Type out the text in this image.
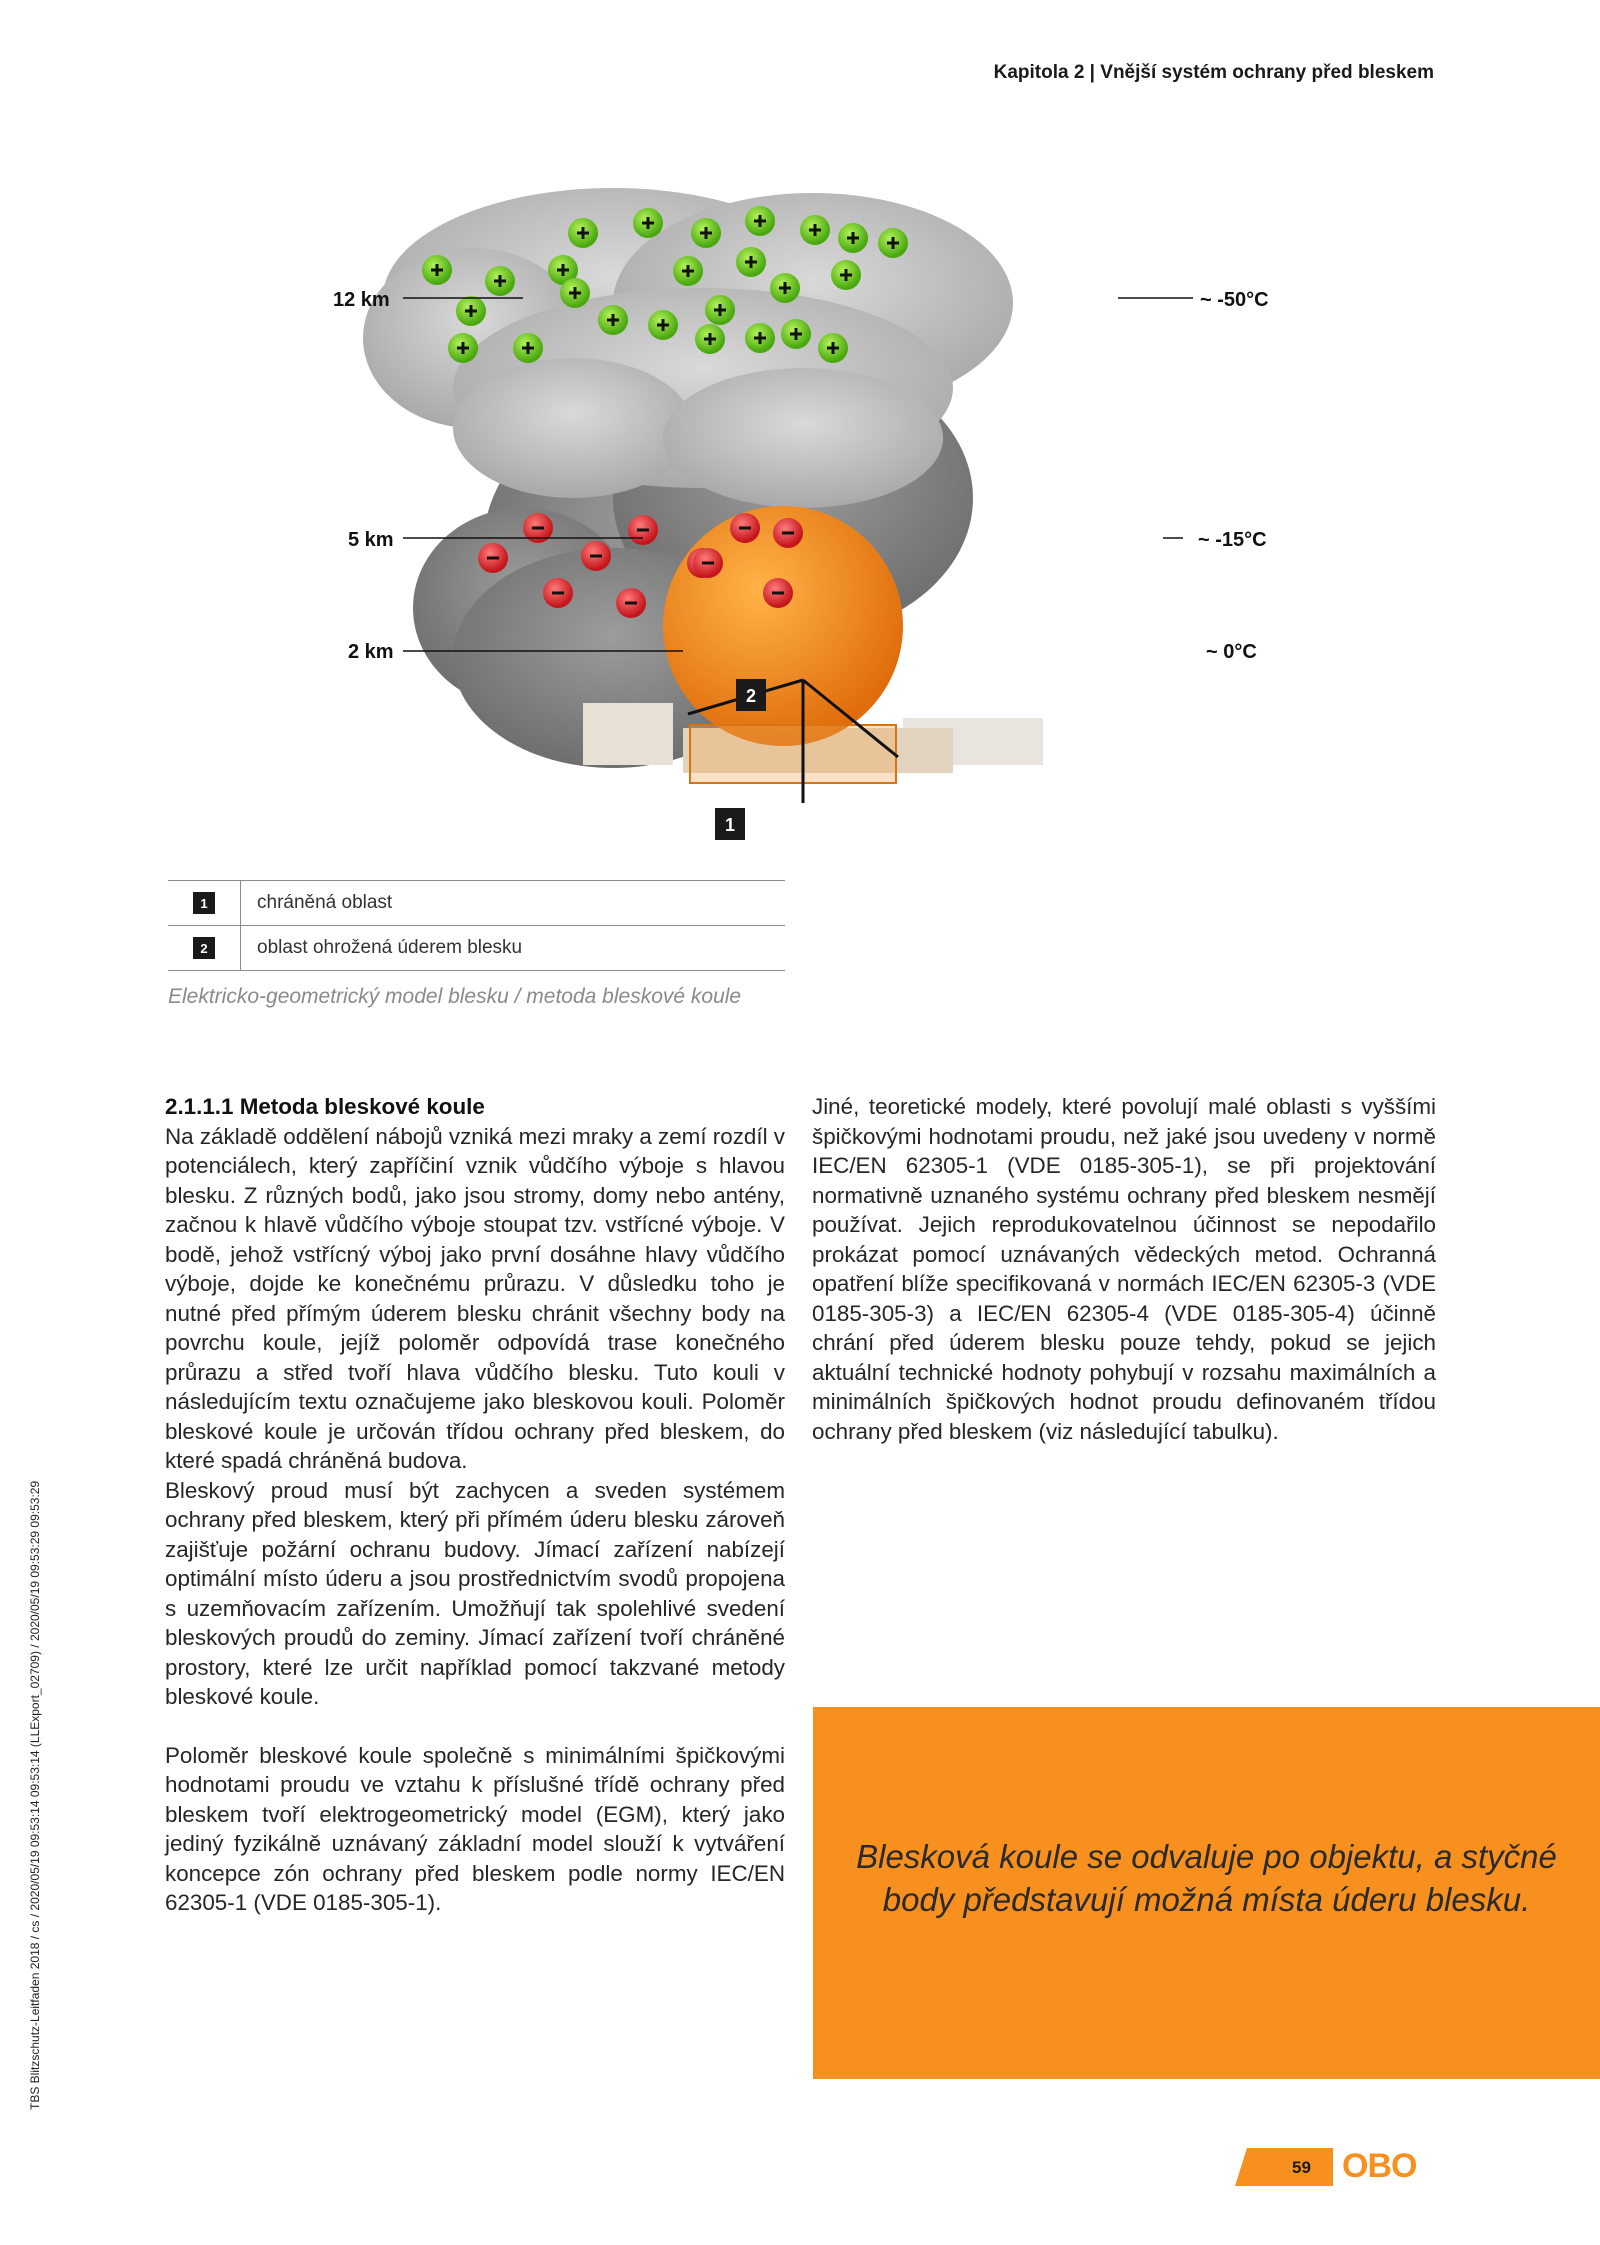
Kapitola 2 | Vnější systém ochrany před bleskem
TBS Blitzschutz-Leitfaden 2018 / cs / 2020/05/19 09:53:14 09:53:14 (LLExport_02709) / 2020/05/19 09:53:29 09:53:29
12 km
5 km
2 km
~ -50°C
~ -15°C
~ 0°C
2
1
1	chráněná oblast
2	oblast ohrožená úderem blesku
Elektricko-geometrický model blesku / metoda bleskové koule
2.1.1.1 Metoda bleskové koule

Na základě oddělení nábojů vzniká mezi mraky a zemí rozdíl v potenciálech, který zapříčiní vznik vůdčího výboje s hlavou blesku. Z různých bodů, jako jsou stromy, domy nebo antény, začnou k hlavě vůdčího výboje stoupat tzv. vstřícné výboje. V bodě, jehož vstřícný výboj jako první dosáhne hlavy vůdčího výboje, dojde ke konečnému průrazu. V důsledku toho je nutné před přímým úderem blesku chránit všechny body na povrchu koule, jejíž poloměr odpovídá trase konečného průrazu a střed tvoří hlava vůdčího blesku. Tuto kouli v následujícím textu označujeme jako bleskovou kouli. Poloměr bleskové koule je určován třídou ochrany před bleskem, do které spadá chráněná budova.

Bleskový proud musí být zachycen a sveden systémem ochrany před bleskem, který při přímém úderu blesku zároveň zajišťuje požární ochranu budovy. Jímací zařízení nabízejí optimální místo úderu a jsou prostřednictvím svodů propojena s uzemňovacím zařízením. Umožňují tak spolehlivé svedení bleskových proudů do zeminy. Jímací zařízení tvoří chráněné prostory, které lze určit například pomocí takzvané metody bleskové koule.

Poloměr bleskové koule společně s minimálními špičkovými hodnotami proudu ve vztahu k příslušné třídě ochrany před bleskem tvoří elektrogeometrický model (EGM), který jako jediný fyzikálně uznávaný základní model slouží k vytváření koncepce zón ochrany před bleskem podle normy IEC/EN 62305-1 (VDE 0185-305-1).

Jiné, teoretické modely, které povolují malé oblasti s vyššími špičkovými hodnotami proudu, než jaké jsou uvedeny v normě IEC/EN 62305-1 (VDE 0185-305-1), se při projektování normativně uznaného systému ochrany před bleskem nesmějí používat. Jejich reprodukovatelnou účinnost se nepodařilo prokázat pomocí uznávaných vědeckých metod. Ochranná opatření blíže specifikovaná v normách IEC/EN 62305-3 (VDE 0185-305-3) a IEC/EN 62305-4 (VDE 0185-305-4) účinně chrání před úderem blesku pouze tehdy, pokud se jejich aktuální technické hodnoty pohybují v rozsahu maximálních a minimálních špičkových hodnot proudu definovaném třídou ochrany před bleskem (viz následující tabulku).

Blesková koule se odvaluje po objektu, a styčné body představují možná místa úderu blesku.
59 OBO
